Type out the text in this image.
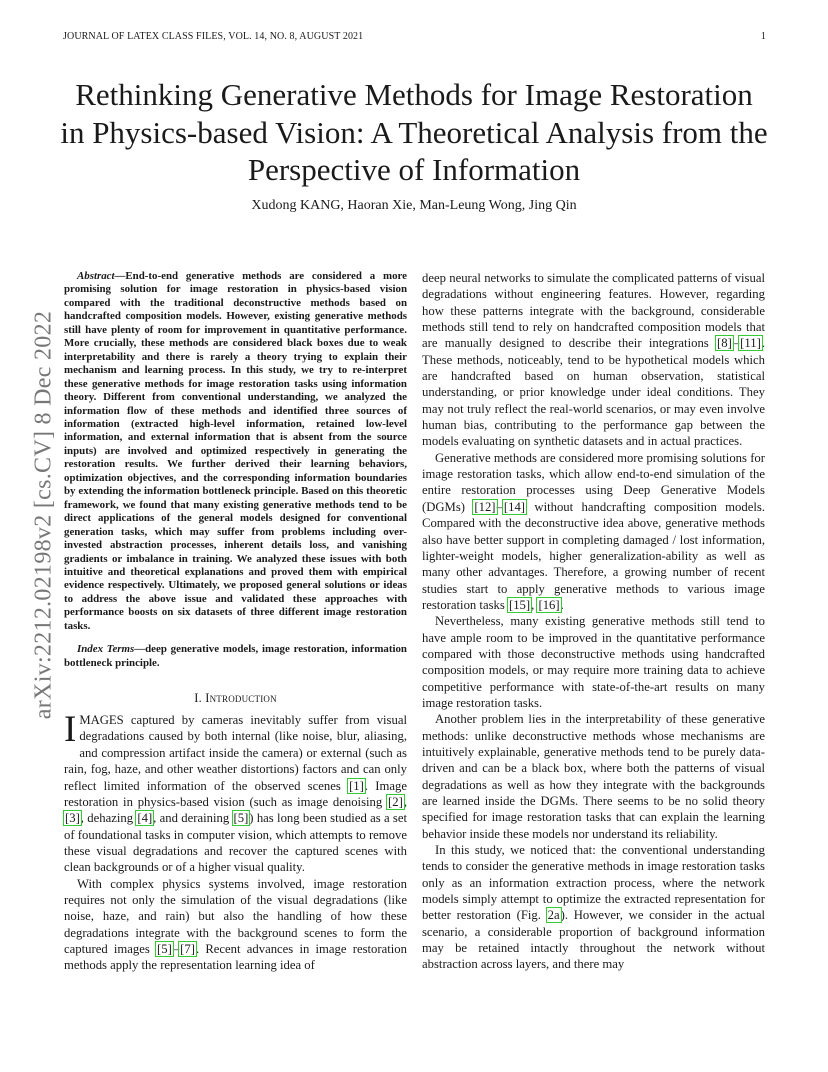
JOURNAL OF LATEX CLASS FILES, VOL. 14, NO. 8, AUGUST 2021	1
arXiv:2212.02198v2 [cs.CV] 8 Dec 2022
Rethinking Generative Methods for Image Restoration in Physics-based Vision: A Theoretical Analysis from the Perspective of Information
Xudong KANG, Haoran Xie, Man-Leung Wong, Jing Qin

Abstract—End-to-end generative methods are considered a more promising solution for image restoration in physics-based vision compared with the traditional deconstructive methods based on handcrafted composition models. However, existing generative methods still have plenty of room for improvement in quantitative performance. More crucially, these methods are considered black boxes due to weak interpretability and there is rarely a theory trying to explain their mechanism and learning process. In this study, we try to re-interpret these generative methods for image restoration tasks using information theory. Different from conventional understanding, we analyzed the information flow of these methods and identified three sources of information (extracted high-level information, retained low-level information, and external information that is absent from the source inputs) are involved and optimized respectively in generating the restoration results. We further derived their learning behaviors, optimization objectives, and the corresponding information boundaries by extending the information bottleneck principle. Based on this theoretic framework, we found that many existing generative methods tend to be direct applications of the general models designed for conventional generation tasks, which may suffer from problems including over-invested abstraction processes, inherent details loss, and vanishing gradients or imbalance in training. We analyzed these issues with both intuitive and theoretical explanations and proved them with empirical evidence respectively. Ultimately, we proposed general solutions or ideas to address the above issue and validated these approaches with performance boosts on six datasets of three different image restoration tasks.

Index Terms—deep generative models, image restoration, information bottleneck principle.

I. Introduction

IMAGES captured by cameras inevitably suffer from visual degradations caused by both internal (like noise, blur, aliasing, and compression artifact inside the camera) or external (such as rain, fog, haze, and other weather distortions) factors and can only reflect limited information of the observed scenes [1]. Image restoration in physics-based vision (such as image denoising [2], [3], dehazing [4], and deraining [5]) has long been studied as a set of foundational tasks in computer vision, which attempts to remove these visual degradations and recover the captured scenes with clean backgrounds or of a higher visual quality.

With complex physics systems involved, image restoration requires not only the simulation of the visual degradations (like noise, haze, and rain) but also the handling of how these degradations integrate with the background scenes to form the captured images [5]–[7]. Recent advances in image restoration methods apply the representation learning idea of

deep neural networks to simulate the complicated patterns of visual degradations without engineering features. However, regarding how these patterns integrate with the background, considerable methods still tend to rely on handcrafted composition models that are manually designed to describe their integrations [8]–[11]. These methods, noticeably, tend to be hypothetical models which are handcrafted based on human observation, statistical understanding, or prior knowledge under ideal conditions. They may not truly reflect the real-world scenarios, or may even involve human bias, contributing to the performance gap between the models evaluating on synthetic datasets and in actual practices.

Generative methods are considered more promising solutions for image restoration tasks, which allow end-to-end simulation of the entire restoration processes using Deep Generative Models (DGMs) [12]–[14] without handcrafting composition models. Compared with the deconstructive idea above, generative methods also have better support in completing damaged / lost information, lighter-weight models, higher generalization-ability as well as many other advantages. Therefore, a growing number of recent studies start to apply generative methods to various image restoration tasks [15], [16].

Nevertheless, many existing generative methods still tend to have ample room to be improved in the quantitative performance compared with those deconstructive methods using handcrafted composition models, or may require more training data to achieve competitive performance with state-of-the-art results on many image restoration tasks.

Another problem lies in the interpretability of these generative methods: unlike deconstructive methods whose mechanisms are intuitively explainable, generative methods tend to be purely data-driven and can be a black box, where both the patterns of visual degradations as well as how they integrate with the backgrounds are learned inside the DGMs. There seems to be no solid theory specified for image restoration tasks that can explain the learning behavior inside these models nor understand its reliability.

In this study, we noticed that: the conventional understanding tends to consider the generative methods in image restoration tasks only as an information extraction process, where the network models simply attempt to optimize the extracted representation for better restoration (Fig. 2a). However, we consider in the actual scenario, a considerable proportion of background information may be retained intactly throughout the network without abstraction across layers, and there may
